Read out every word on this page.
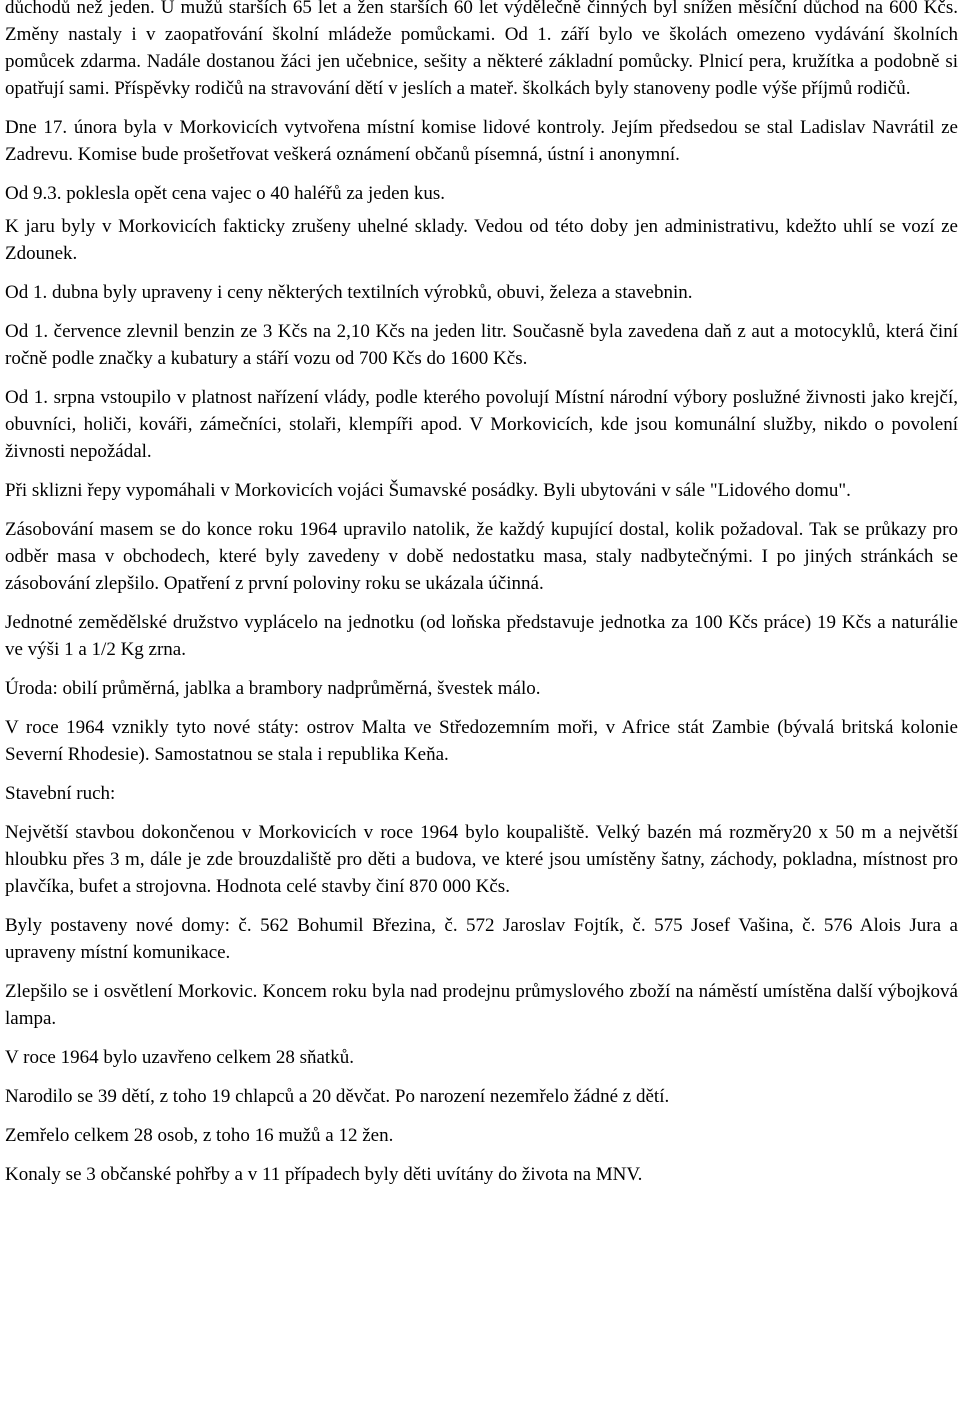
důchodů než jeden. U mužů starších 65 let a žen starších 60 let výdělečně činných byl snížen měsíční důchod na 600 Kčs. Změny nastaly i v zaopatřování školní mládeže pomůckami. Od 1. září bylo ve školách omezeno vydávání školních pomůcek zdarma. Nadále dostanou žáci jen učebnice, sešity a některé základní pomůcky. Plnicí pera, kružítka a podobně si opatřují sami. Příspěvky rodičů na stravování dětí v jeslích a mateř. školkách byly stanoveny podle výše příjmů rodičů.

Dne 17. února byla v Morkovicích vytvořena místní komise lidové kontroly. Jejím předsedou se stal Ladislav Navrátil ze Zadrevu. Komise bude prošetřovat veškerá oznámení občanů písemná, ústní i anonymní.

Od 9.3. poklesla opět cena vajec o 40 haléřů za jeden kus.

K jaru byly v Morkovicích fakticky zrušeny uhelné sklady. Vedou od této doby jen administrativu, kdežto uhlí se vozí ze Zdounek.

Od 1. dubna byly upraveny i ceny některých textilních výrobků, obuvi, železa a stavebnin.

Od 1. července zlevnil benzin ze 3 Kčs na 2,10 Kčs na jeden litr. Současně byla zavedena daň z aut a motocyklů, která činí ročně podle značky a kubatury a stáří vozu od 700 Kčs do 1600 Kčs.

Od 1. srpna vstoupilo v platnost nařízení vlády, podle kterého povolují Místní národní výbory poslužné živnosti jako krejčí, obuvníci, holiči, kováři, zámečníci, stolaři, klempíři apod. V Morkovicích, kde jsou komunální služby, nikdo o povolení živnosti nepožádal.

Při sklizni řepy vypomáhali v Morkovicích vojáci Šumavské posádky. Byli ubytováni v sále "Lidového domu".

Zásobování masem se do konce roku 1964 upravilo natolik, že každý kupující dostal, kolik požadoval. Tak se průkazy pro odběr masa v obchodech, které byly zavedeny v době nedostatku masa, staly nadbytečnými. I po jiných stránkách se zásobování zlepšilo. Opatření z první poloviny roku se ukázala účinná.

Jednotné zemědělské družstvo vyplácelo na jednotku (od loňska představuje jednotka za 100 Kčs práce) 19 Kčs a naturálie ve výši 1 a 1/2 Kg zrna.

Úroda: obilí průměrná, jablka a brambory nadprůměrná, švestek málo.

V roce 1964 vznikly tyto nové státy: ostrov Malta ve Středozemním moři, v Africe stát Zambie (bývalá britská kolonie Severní Rhodesie). Samostatnou se stala i republika Keňa.

Stavební ruch:

Největší stavbou dokončenou v Morkovicích v roce 1964 bylo koupaliště. Velký bazén má rozměry20 x 50 m a největší hloubku přes 3 m, dále je zde brouzdaliště pro děti a budova, ve které jsou umístěny šatny, záchody, pokladna, místnost pro plavčíka, bufet a strojovna. Hodnota celé stavby činí 870 000 Kčs.

Byly postaveny nové domy: č. 562 Bohumil Březina, č. 572 Jaroslav Fojtík, č. 575 Josef Vašina, č. 576 Alois Jura a upraveny místní komunikace.

Zlepšilo se i osvětlení Morkovic. Koncem roku byla nad prodejnu průmyslového zboží na náměstí umístěna další výbojková lampa.

V roce 1964 bylo uzavřeno celkem 28 sňatků.

Narodilo se 39 dětí, z toho 19 chlapců a 20 děvčat. Po narození nezemřelo žádné z dětí.

Zemřelo celkem 28 osob, z toho 16 mužů a 12 žen.

Konaly se 3 občanské pohřby a v 11 případech byly děti uvítány do života na MNV.
